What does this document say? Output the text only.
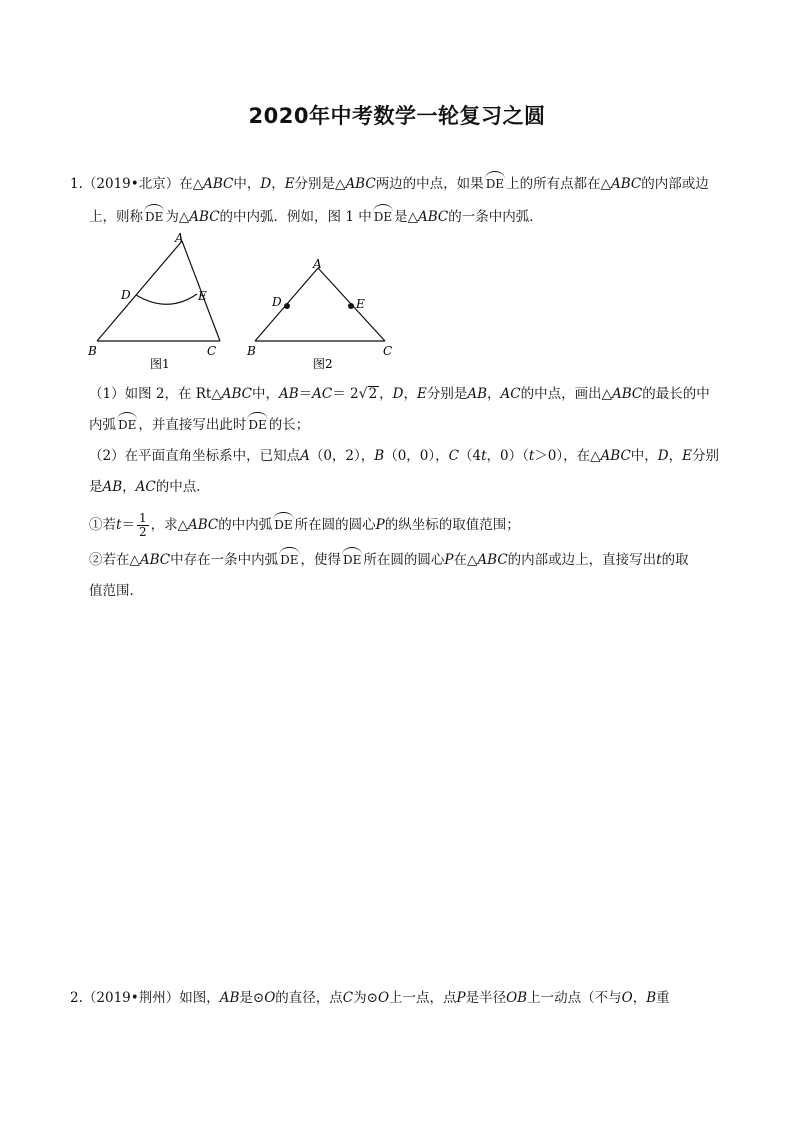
2020年中考数学一轮复习之圆
1.（2019•北京）在△ABC中，D，E分别是△ABC两边的中点，如果 DE 上的所有点都在△ABC的内部或边
上，则称 DE 为△ABC的中内弧．例如，图 1 中 DE 是△ABC的一条中内弧．
A
B	C
D	E
图1
A
B	C
D	E
图2
（1）如图 2，在 Rt△ABC中，AB＝AC＝ 2√2 ，D，E分别是AB，AC的中点，画出△ABC的最长的中
内弧 DE ，并直接写出此时 DE 的长；
（2）在平面直角坐标系中，已知点A（0，2），B（0，0），C（4t，0）（t＞0），在△ABC中，D，E分别
是AB，AC的中点．
①若$t= \frac{1}{2}$ ，求△ABC的中内弧 DE 所在圆的圆心P的纵坐标的取值范围；
②若在△ABC中存在一条中内弧 DE ，使得 DE 所在圆的圆心P在△ABC的内部或边上，直接写出t的取
值范围．
2.（2019•荆州）如图，AB是⊙O的直径，点C为⊙O上一点，点P是半径OB上一动点（不与O，B重
